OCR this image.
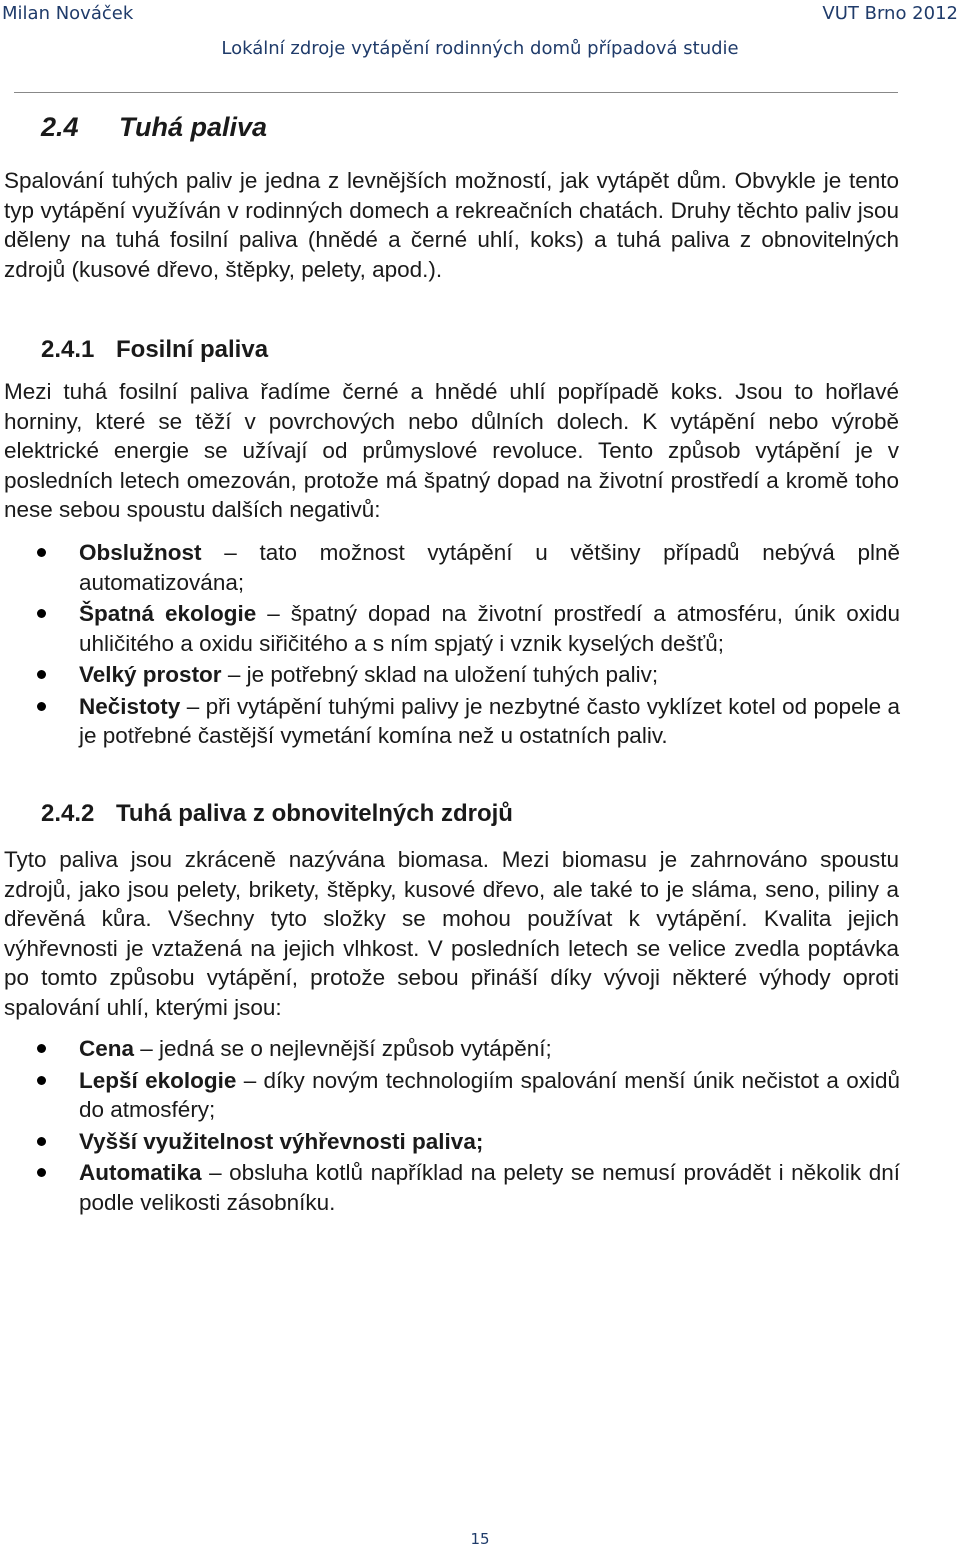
Milan Nováček	VUT Brno 2012
Lokální zdroje vytápění rodinných domů případová studie
2.4 Tuhá paliva

Spalování tuhých paliv je jedna z levnějších možností, jak vytápět dům. Obvykle je tento typ vytápění využíván v rodinných domech a rekreačních chatách. Druhy těchto paliv jsou děleny na tuhá fosilní paliva (hnědé a černé uhlí, koks) a tuhá paliva z obnovitelných zdrojů (kusové dřevo, štěpky, pelety, apod.).

2.4.1 Fosilní paliva

Mezi tuhá fosilní paliva řadíme černé a hnědé uhlí popřípadě koks. Jsou to hořlavé horniny, které se těží v povrchových nebo důlních dolech. K vytápění nebo výrobě elektrické energie se užívají od průmyslové revoluce. Tento způsob vytápění je v posledních letech omezován, protože má špatný dopad na životní prostředí a kromě toho nese sebou spoustu dalších negativů:

Obslužnost – tato možnost vytápění u většiny případů nebývá plně automatizována;
Špatná ekologie – špatný dopad na životní prostředí a atmosféru, únik oxidu uhličitého a oxidu siřičitého a s ním spjatý i vznik kyselých dešťů;
Velký prostor – je potřebný sklad na uložení tuhých paliv;
Nečistoty – při vytápění tuhými palivy je nezbytné často vyklízet kotel od popele a je potřebné častější vymetání komína než u ostatních paliv.
2.4.2 Tuhá paliva z obnovitelných zdrojů

Tyto paliva jsou zkráceně nazývána biomasa. Mezi biomasu je zahrnováno spoustu zdrojů, jako jsou pelety, brikety, štěpky, kusové dřevo, ale také to je sláma, seno, piliny a dřevěná kůra. Všechny tyto složky se mohou používat k vytápění. Kvalita jejich výhřevnosti je vztažená na jejich vlhkost. V posledních letech se velice zvedla poptávka po tomto způsobu vytápění, protože sebou přináší díky vývoji některé výhody oproti spalování uhlí, kterými jsou:

Cena – jedná se o nejlevnější způsob vytápění;
Lepší ekologie – díky novým technologiím spalování menší únik nečistot a oxidů do atmosféry;
Vyšší využitelnost výhřevnosti paliva;
Automatika – obsluha kotlů například na pelety se nemusí provádět i několik dní podle velikosti zásobníku.
15
